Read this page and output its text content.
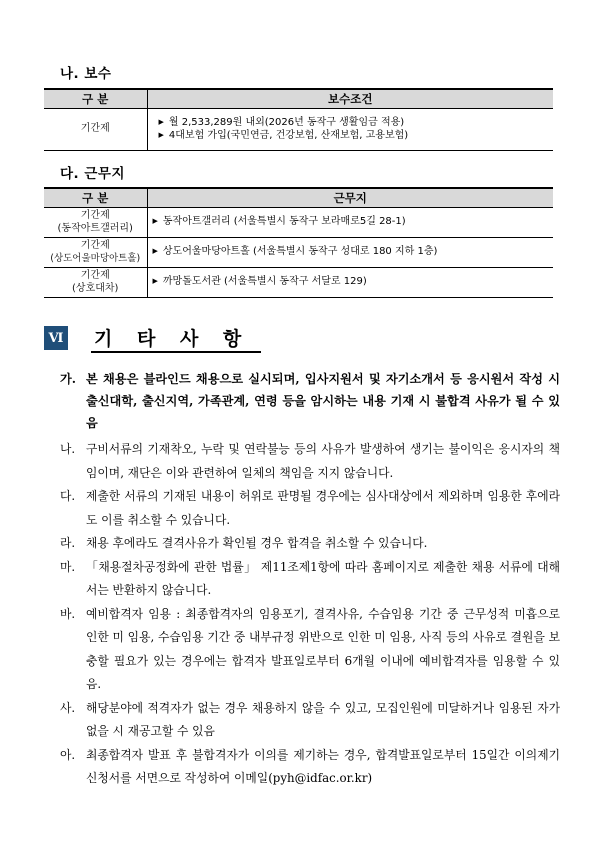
나. 보수
구 분	보수조건
기간제	▶ 월 2,533,289원 내외(2026년 동작구 생활임금 적용)
▶ 4대보험 가입(국민연금, 건강보험, 산재보험, 고용보험)
다. 근무지
구 분	근무지

기간제
(동작아트갤러리)	▶ 동작아트갤러리 (서울특별시 동작구 보라매로5길 28-1)

기간제
(상도어울마당아트홀)	▶ 상도어울마당아트홀 (서울특별시 동작구 성대로 180 지하 1층)

기간제
(상호대차)	▶ 까망돌도서관 (서울특별시 동작구 서달로 129)
Ⅵ 기 타 사 항
가. 본 채용은 블라인드 채용으로 실시되며, 입사지원서 및 자기소개서 등 응시원서 작성 시 출신대학, 출신지역, 가족관계, 연령 등을 암시하는 내용 기재 시 불합격 사유가 될 수 있음
나. 구비서류의 기재착오, 누락 및 연락불능 등의 사유가 발생하여 생기는 불이익은 응시자의 책임이며, 재단은 이와 관련하여 일체의 책임을 지지 않습니다.
다. 제출한 서류의 기재된 내용이 허위로 판명될 경우에는 심사대상에서 제외하며 임용한 후에라도 이를 취소할 수 있습니다.
라. 채용 후에라도 결격사유가 확인될 경우 합격을 취소할 수 있습니다.
마. 「채용절차공정화에 관한 법률」 제11조제1항에 따라 홈페이지로 제출한 채용 서류에 대해서는 반환하지 않습니다.
바. 예비합격자 임용 : 최종합격자의 임용포기, 결격사유, 수습임용 기간 중 근무성적 미흡으로 인한 미 임용, 수습임용 기간 중 내부규정 위반으로 인한 미 임용, 사직 등의 사유로 결원을 보충할 필요가 있는 경우에는 합격자 발표일로부터 6개월 이내에 예비합격자를 임용할 수 있음.
사. 해당분야에 적격자가 없는 경우 채용하지 않을 수 있고, 모집인원에 미달하거나 임용된 자가 없을 시 재공고할 수 있음
아. 최종합격자 발표 후 불합격자가 이의를 제기하는 경우, 합격발표일로부터 15일간 이의제기신청서를 서면으로 작성하여 이메일(pyh@idfac.or.kr)
